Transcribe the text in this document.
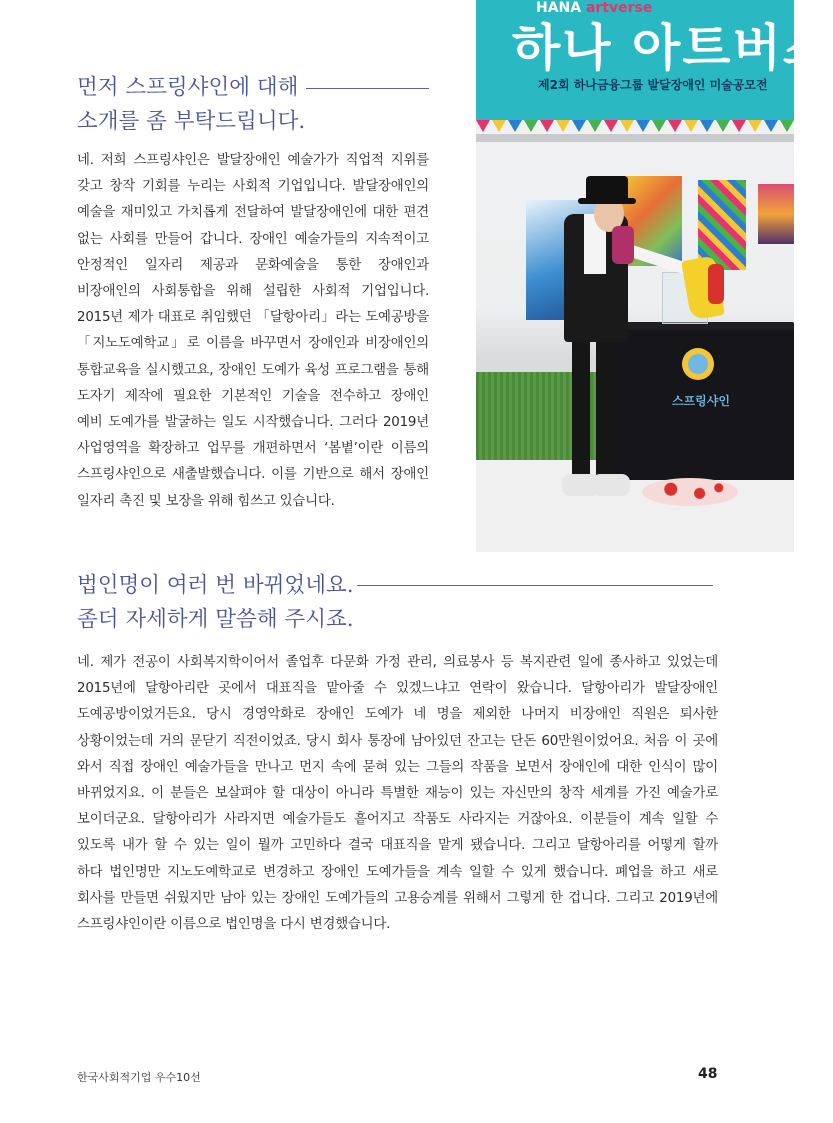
먼저 스프링샤인에 대해
소개를 좀 부탁드립니다.
네. 저희 스프링샤인은 발달장애인 예술가가 직업적 지위를
갖고 창작 기회를 누리는 사회적 기업입니다. 발달장애인의
예술을 재미있고 가치롭게 전달하여 발달장애인에 대한 편견
없는 사회를 만들어 갑니다. 장애인 예술가들의 지속적이고
안정적인 일자리 제공과 문화예술을 통한 장애인과
비장애인의 사회통합을 위해 설립한 사회적 기업입니다.
2015년 제가 대표로 취임했던 「달항아리」라는 도예공방을
「지노도예학교」로 이름을 바꾸면서 장애인과 비장애인의
통합교육을 실시했고요, 장애인 도예가 육성 프로그램을 통해
도자기 제작에 필요한 기본적인 기술을 전수하고 장애인
예비 도예가를 발굴하는 일도 시작했습니다. 그러다 2019년
사업영역을 확장하고 업무를 개편하면서 ‘봄볕’이란 이름의
스프링샤인으로 새출발했습니다. 이를 기반으로 해서 장애인
일자리 촉진 및 보장을 위해 힘쓰고 있습니다.
HANA artverse
하나 아트버스
제2회 하나금융그룹 발달장애인 미술공모전
스프링샤인
법인명이 여러 번 바뀌었네요.
좀더 자세하게 말씀해 주시죠.
네. 제가 전공이 사회복지학이어서 졸업후 다문화 가정 관리, 의료봉사 등 복지관련 일에 종사하고 있었는데
2015년에 달항아리란 곳에서 대표직을 맡아줄 수 있겠느냐고 연락이 왔습니다. 달항아리가 발달장애인
도예공방이었거든요. 당시 경영악화로 장애인 도예가 네 명을 제외한 나머지 비장애인 직원은 퇴사한
상황이었는데 거의 문닫기 직전이었죠. 당시 회사 통장에 남아있던 잔고는 단돈 60만원이었어요. 처음 이 곳에
와서 직접 장애인 예술가들을 만나고 먼지 속에 묻혀 있는 그들의 작품을 보면서 장애인에 대한 인식이 많이
바뀌었지요. 이 분들은 보살펴야 할 대상이 아니라 특별한 재능이 있는 자신만의 창작 세계를 가진 예술가로
보이더군요. 달항아리가 사라지면 예술가들도 흩어지고 작품도 사라지는 거잖아요. 이분들이 계속 일할 수
있도록 내가 할 수 있는 일이 뭘까 고민하다 결국 대표직을 맡게 됐습니다. 그리고 달항아리를 어떻게 할까
하다 법인명만 지노도예학교로 변경하고 장애인 도예가들을 계속 일할 수 있게 했습니다. 폐업을 하고 새로
회사를 만들면 쉬웠지만 남아 있는 장애인 도예가들의 고용승계를 위해서 그렇게 한 겁니다. 그리고 2019년에
스프링샤인이란 이름으로 법인명을 다시 변경했습니다.
한국사회적기업 우수10선	48
